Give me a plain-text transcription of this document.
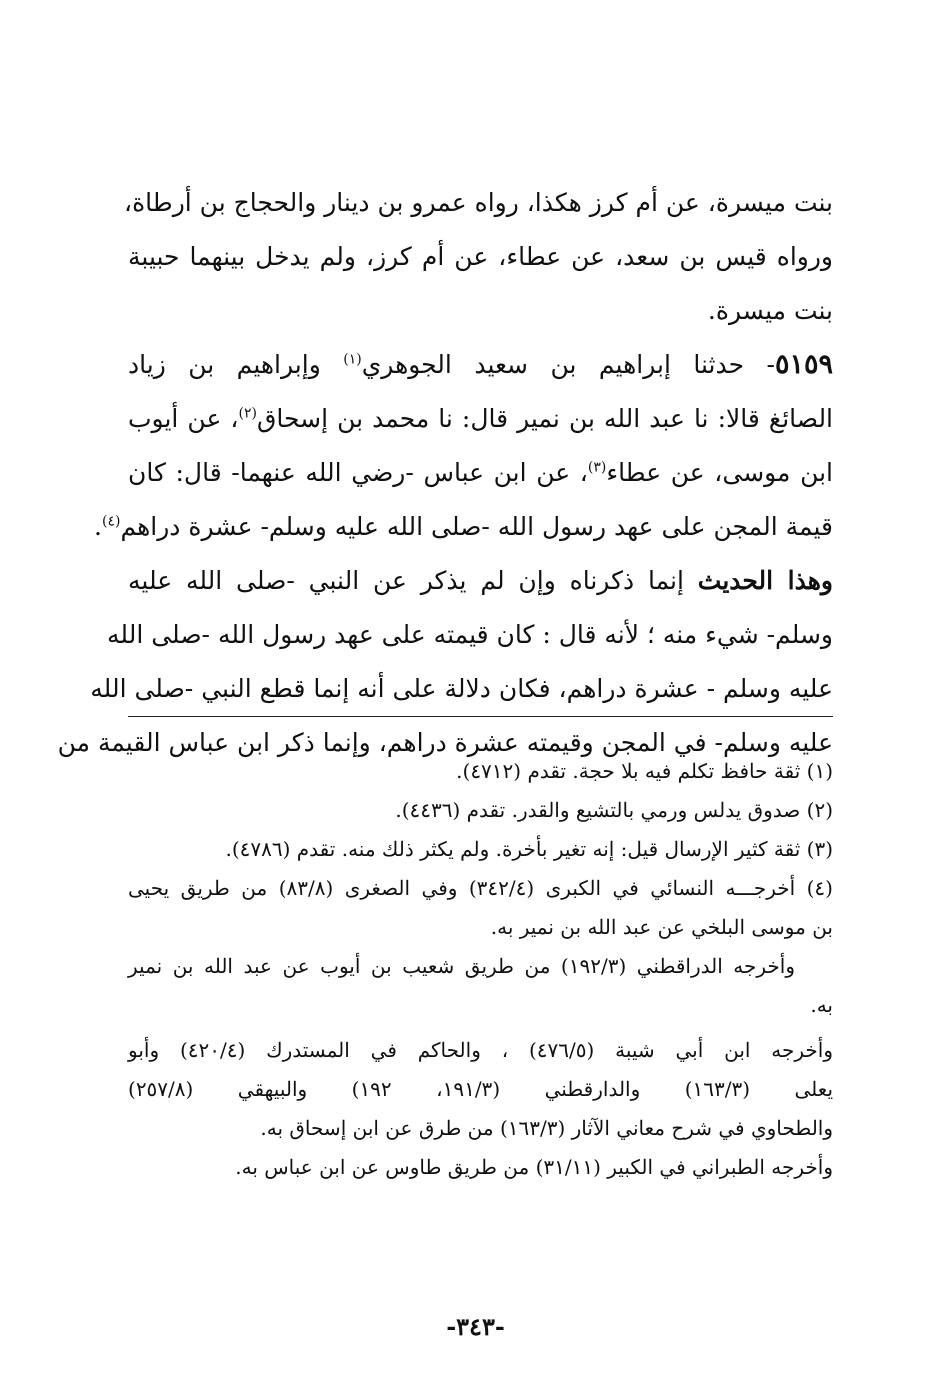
بنت ميسرة، عن أم كرز هكذا، رواه عمرو بن دينار والحجاج بن أرطاة،
ورواه قيس بن سعد، عن عطاء، عن أم كرز، ولم يدخل بينهما حبيبة
بنت ميسرة.
٥١٥٩- حدثنا إبراهيم بن سعيد الجوهري$^{(١)}$ وإبراهيم بن زياد
الصائغ قالا: نا عبد الله بن نمير قال: نا محمد بن إسحاق$^{(٢)}$، عن أيوب
ابن موسى، عن عطاء$^{(٣)}$، عن ابن عباس -رضي الله عنهما- قال: كان
قيمة المجن على عهد رسول الله -صلى الله عليه وسلم- عشرة دراهم$^{(٤)}$.
وهذا الحديث إنما ذكرناه وإن لم يذكر عن النبي -صلى الله عليه
وسلم- شيء منه ؛ لأنه قال : كان قيمته على عهد رسول الله -صلى الله
عليه وسلم - عشرة دراهم، فكان دلالة على أنه إنما قطع النبي -صلى الله
عليه وسلم- في المجن وقيمته عشرة دراهم، وإنما ذكر ابن عباس القيمة من
(١) ثقة حافظ تكلم فيه بلا حجة. تقدم (٤٧١٢).
(٢) صدوق يدلس ورمي بالتشيع والقدر. تقدم (٤٤٣٦).
(٣) ثقة كثير الإرسال قيل: إنه تغير بأخرة. ولم يكثر ذلك منه. تقدم (٤٧٨٦).
(٤) أخرجـــه النسائي في الكبرى (٣٤٢/٤) وفي الصغرى (٨٣/٨) من طريق يحيى
بن موسى البلخي عن عبد الله بن نمير به.
وأخرجه الدراقطني (١٩٢/٣) من طريق شعيب بن أيوب عن عبد الله بن نمير
به.
وأخرجه ابن أبي شيبة (٤٧٦/٥) ، والحاكم في المستدرك (٤٢٠/٤) وأبو
يعلى (١٦٣/٣) والدارقطني (١٩١/٣، ١٩٢) والبيهقي (٢٥٧/٨)
والطحاوي في شرح معاني الآثار (١٦٣/٣) من طرق عن ابن إسحاق به.
وأخرجه الطبراني في الكبير (٣١/١١) من طريق طاوس عن ابن عباس به.
-٣٤٣-
